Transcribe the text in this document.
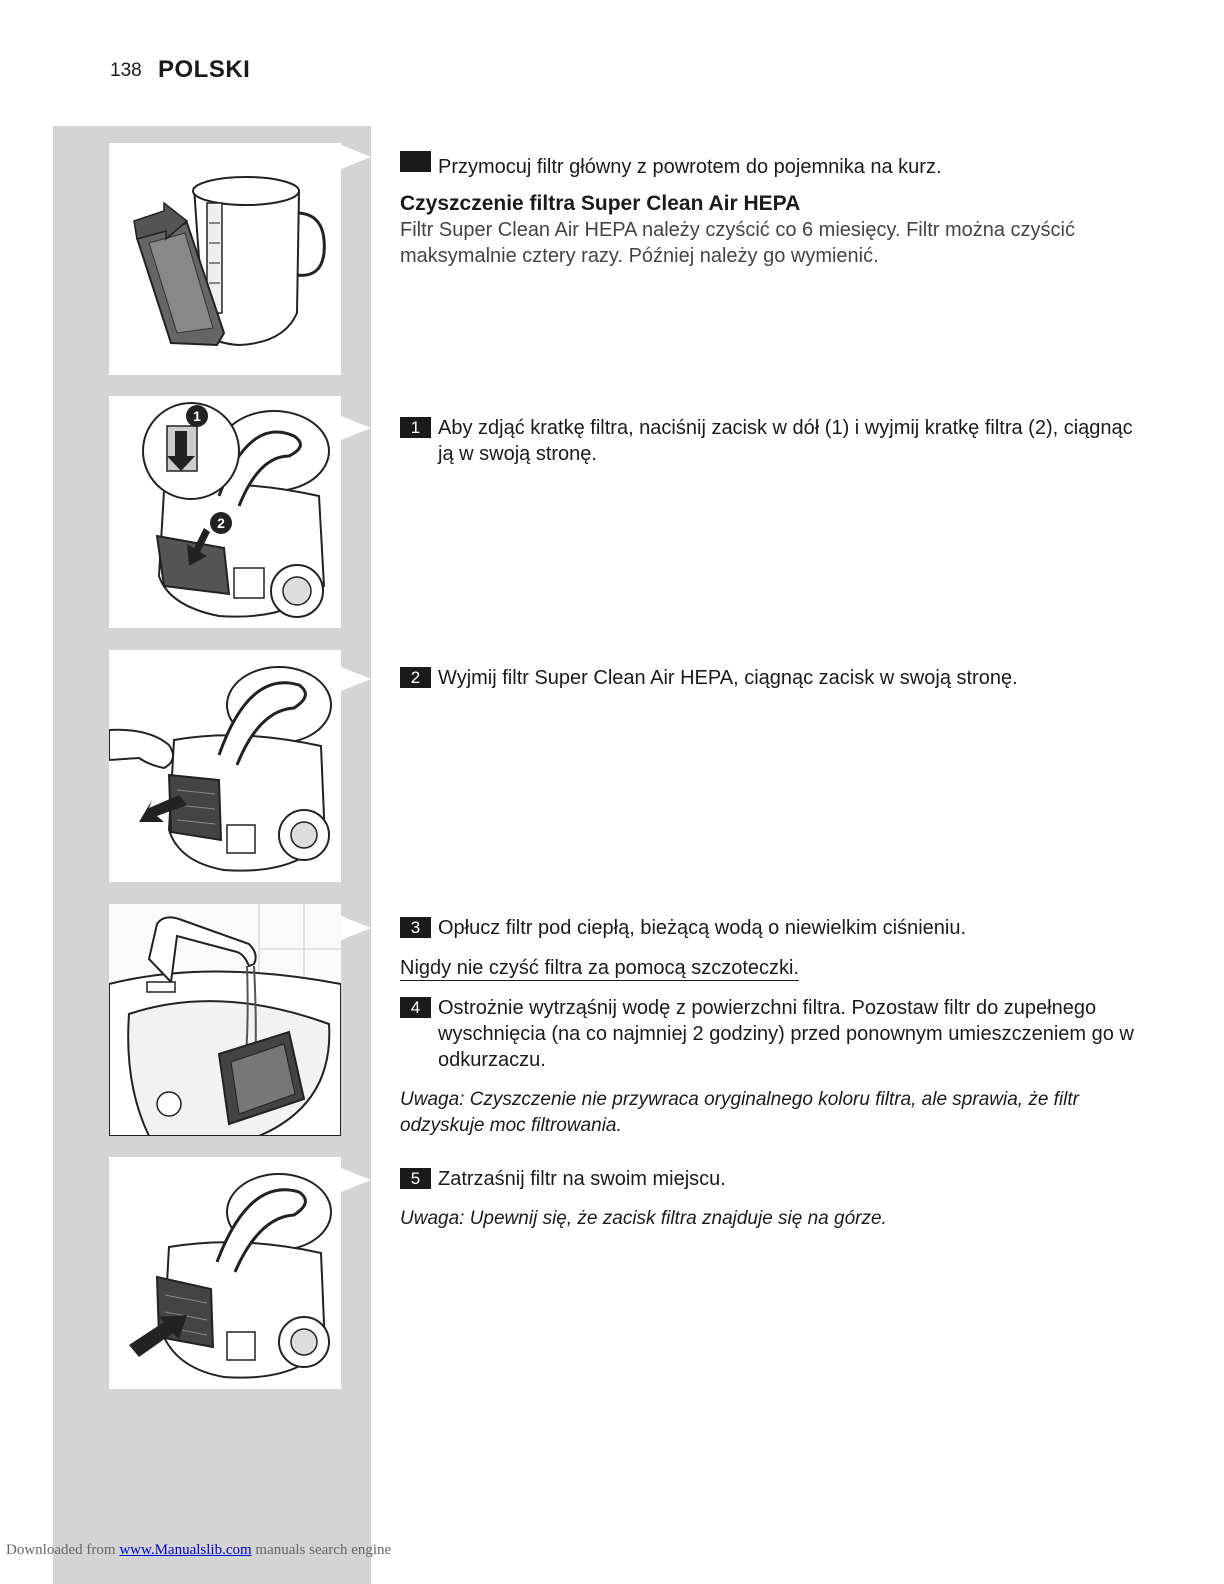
138 POLSKI
1
2
Przymocuj filtr główny z powrotem do pojemnika na kurz.
Czyszczenie filtra Super Clean Air HEPA
Filtr Super Clean Air HEPA należy czyścić co 6 miesięcy. Filtr można czyścić maksymalnie cztery razy. Później należy go wymienić.
1 Aby zdjąć kratkę filtra, naciśnij zacisk w dół (1) i wyjmij kratkę filtra (2), ciągnąc ją w swoją stronę.
2 Wyjmij filtr Super Clean Air HEPA, ciągnąc zacisk w swoją stronę.
3 Opłucz filtr pod ciepłą, bieżącą wodą o niewielkim ciśnieniu.
Nigdy nie czyść filtra za pomocą szczoteczki.
4 Ostrożnie wytrząśnij wodę z powierzchni filtra. Pozostaw filtr do zupełnego wyschnięcia (na co najmniej 2 godziny) przed ponownym umieszczeniem go w odkurzaczu.
Uwaga: Czyszczenie nie przywraca oryginalnego koloru filtra, ale sprawia, że filtr odzyskuje moc filtrowania.
5 Zatrzaśnij filtr na swoim miejscu.
Uwaga: Upewnij się, że zacisk filtra znajduje się na górze.
Downloaded from www.Manualslib.com manuals search engine
